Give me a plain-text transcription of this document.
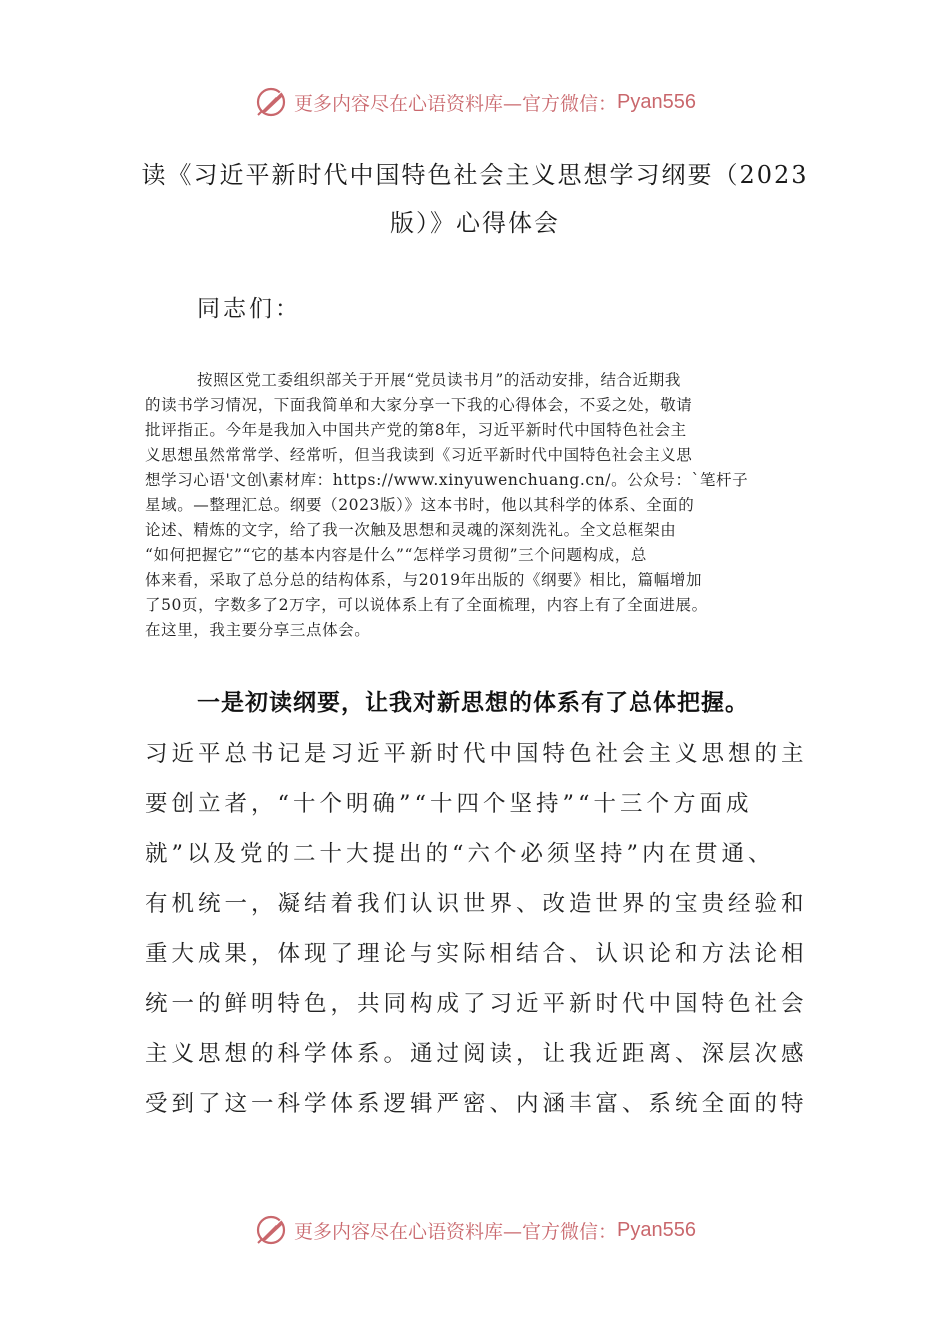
更多内容尽在心语资料库—官方微信： Pyan556
读《习近平新时代中国特色社会主义思想学习纲要（2023
版）》心得体会
同志们：
按照区党工委组织部关于开展“党员读书月”的活动安排，结合近期我
的读书学习情况，下面我简单和大家分享一下我的心得体会，不妥之处，敬请
批评指正。今年是我加入中国共产党的第8年，习近平新时代中国特色社会主
义思想虽然常常学、经常听，但当我读到《习近平新时代中国特色社会主义思
想学习心语'文创\素材库：https://www.xinyuwenchuang.cn/。公众号：`笔杆子
星域。—整理汇总。纲要（2023版）》这本书时，他以其科学的体系、全面的
论述、精炼的文字，给了我一次触及思想和灵魂的深刻洗礼。全文总框架由
“如何把握它”“它的基本内容是什么”“怎样学习贯彻”三个问题构成，总
体来看，采取了总分总的结构体系，与2019年出版的《纲要》相比，篇幅增加
了50页，字数多了2万字，可以说体系上有了全面梳理，内容上有了全面进展。
在这里，我主要分享三点体会。
一是初读纲要，让我对新思想的体系有了总体把握。
习近平总书记是习近平新时代中国特色社会主义思想的主
要创立者，“十个明确”“十四个坚持”“十三个方面成
就”以及党的二十大提出的“六个必须坚持”内在贯通、
有机统一，凝结着我们认识世界、改造世界的宝贵经验和
重大成果，体现了理论与实际相结合、认识论和方法论相
统一的鲜明特色，共同构成了习近平新时代中国特色社会
主义思想的科学体系。通过阅读，让我近距离、深层次感
受到了这一科学体系逻辑严密、内涵丰富、系统全面的特
更多内容尽在心语资料库—官方微信： Pyan556
